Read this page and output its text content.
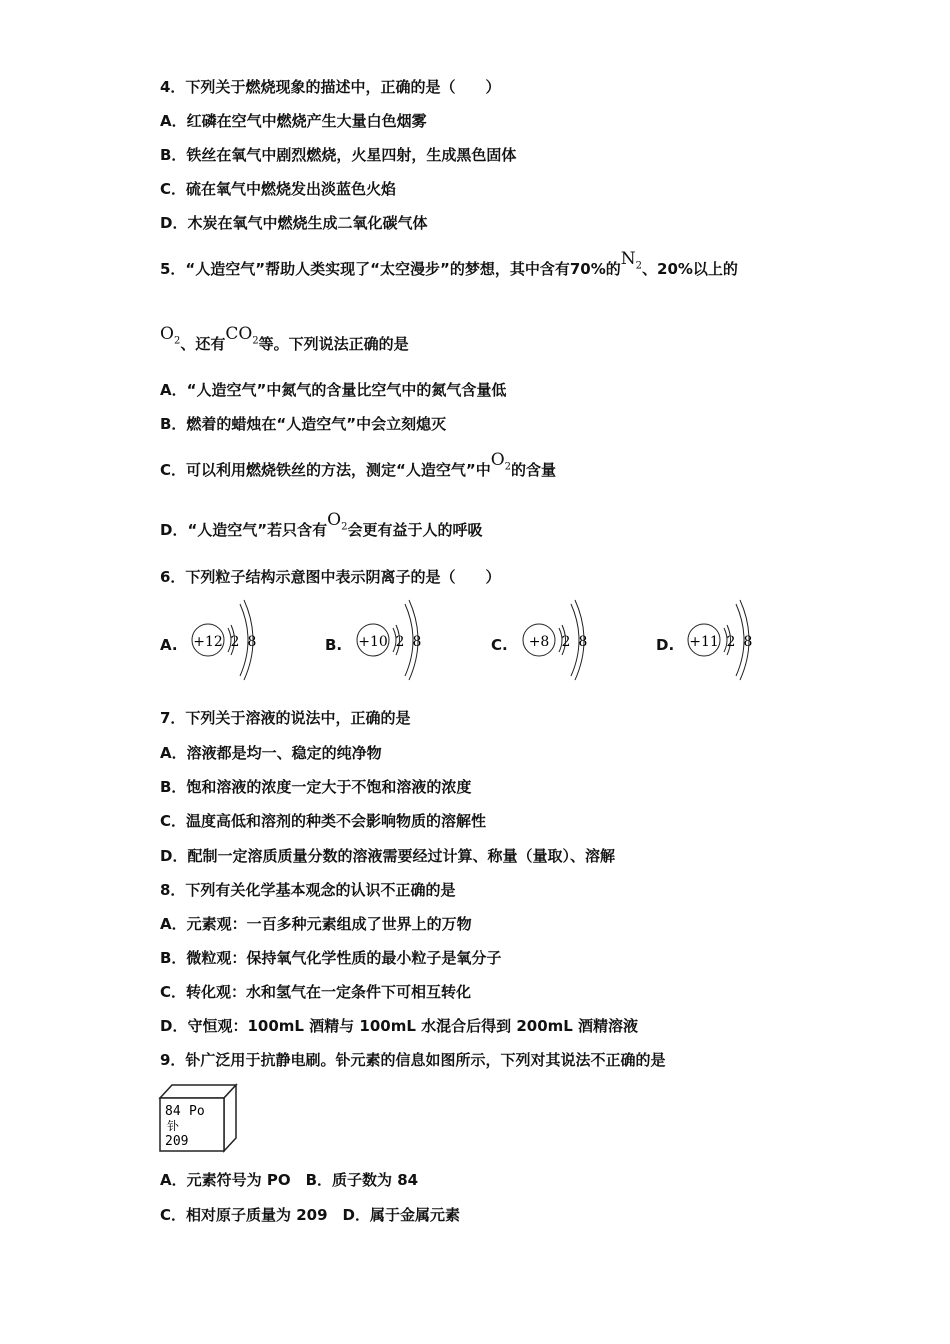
4．下列关于燃烧现象的描述中，正确的是（　　）
A．红磷在空气中燃烧产生大量白色烟雾
B．铁丝在氧气中剧烈燃烧，火星四射，生成黑色固体
C．硫在氧气中燃烧发出淡蓝色火焰
D．木炭在氧气中燃烧生成二氧化碳气体
5．“人造空气”帮助人类实现了“太空漫步”的梦想，其中含有70%的$N_2$、20%以上的
$O_2$、还有$CO_2$等。下列说法正确的是
A．“人造空气”中氮气的含量比空气中的氮气含量低
B．燃着的蜡烛在“人造空气”中会立刻熄灭
C．可以利用燃烧铁丝的方法，测定“人造空气”中$O_2$的含量
D．“人造空气”若只含有$O_2$会更有益于人的呼吸
6．下列粒子结构示意图中表示阴离子的是（　　）
A. +12 2 8	B. +10 2 8	C. +8 2 8	D. +11 2 8
7．下列关于溶液的说法中，正确的是
A．溶液都是均一、稳定的纯净物
B．饱和溶液的浓度一定大于不饱和溶液的浓度
C．温度高低和溶剂的种类不会影响物质的溶解性
D．配制一定溶质质量分数的溶液需要经过计算、称量（量取）、溶解
8．下列有关化学基本观念的认识不正确的是
A．元素观：一百多种元素组成了世界上的万物
B．微粒观：保持氧气化学性质的最小粒子是氧分子
C．转化观：水和氢气在一定条件下可相互转化
D．守恒观：100mL 酒精与 100mL 水混合后得到 200mL 酒精溶液
9．钋广泛用于抗静电刷。钋元素的信息如图所示，下列对其说法不正确的是
84 Po
钋
209
A．元素符号为 PO　B．质子数为 84
C．相对原子质量为 209　D．属于金属元素
